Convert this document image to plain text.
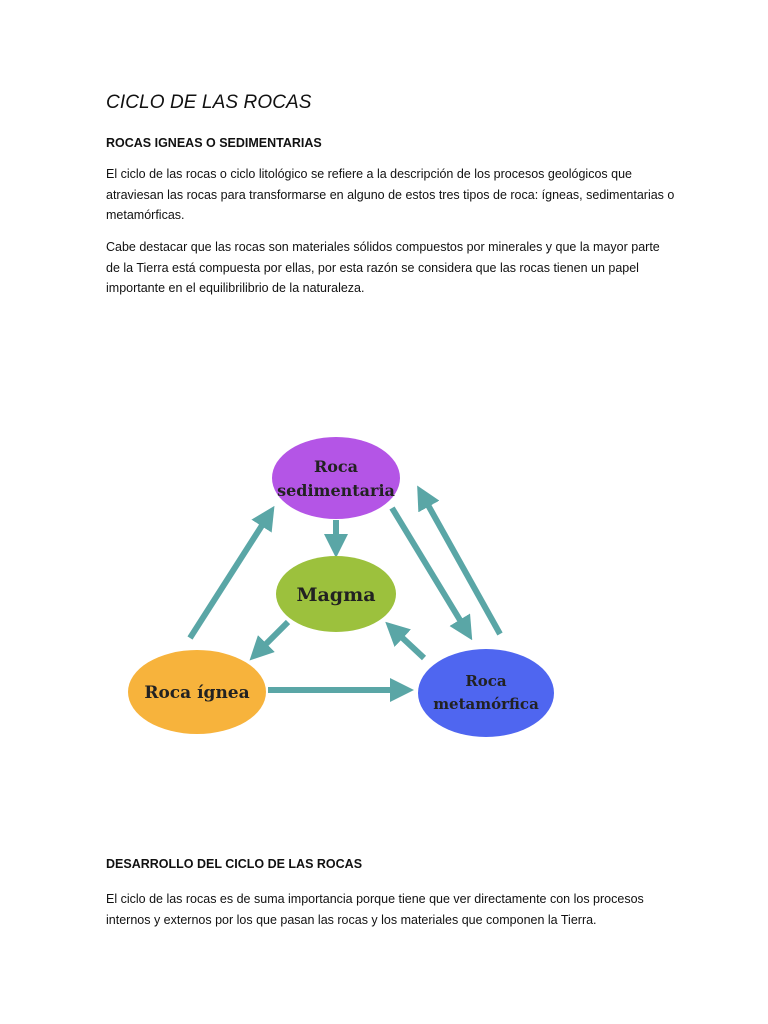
CICLO DE LAS ROCAS
ROCAS IGNEAS O SEDIMENTARIAS

El ciclo de las rocas o ciclo litológico se refiere a la descripción de los procesos geológicos que atraviesan las rocas para transformarse en alguno de estos tres tipos de roca: ígneas, sedimentarias o metamórficas.

Cabe destacar que las rocas son materiales sólidos compuestos por minerales y que la mayor parte de la Tierra está compuesta por ellas, por esta razón se considera que las rocas tienen un papel importante en el equilibrilibrio de la naturaleza.

Roca
sedimentaria
Magma
Roca ígnea
Roca
metamórfica
DESARROLLO DEL CICLO DE LAS ROCAS

El ciclo de las rocas es de suma importancia porque tiene que ver directamente con los procesos internos y externos por los que pasan las rocas y los materiales que componen la Tierra.
